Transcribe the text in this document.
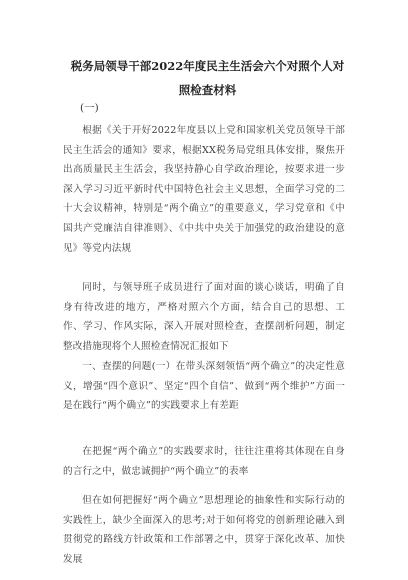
税务局领导干部2022年度民主生活会六个对照个人对照检查材料
(一)
根据《关于开好2022年度县以上党和国家机关党员领导干部民主生活会的通知》要求，根据XX税务局党组具体安排，聚焦开出高质量民主生活会，我坚持静心自学政治理论，按要求进一步深入学习习近平新时代中国特色社会主义思想，全面学习党的二十大会议精神，特别是“两个确立”的重要意义，学习党章和《中国共产党廉洁自律准则》、《中共中央关于加强党的政治建设的意见》等党内法规
同时，与领导班子成员进行了面对面的谈心谈话，明确了自身有待改进的地方，严格对照六个方面，结合自己的思想、工作、学习、作风实际，深入开展对照检查，查摆剖析问题，制定整改措施现将个人照检查情况汇报如下
一、查摆的问题(一）在带头深刻领悟“两个确立”的决定性意义，增强“四个意识”、坚定“四个自信”、做到“两个维护”方面一是在践行“两个确立”的实践要求上有差距
在把握“两个确立”的实践要求时，往往注重将其体现在自身的言行之中，做忠诚拥护“两个确立”的表率
但在如何把握好“两个确立”思想理论的抽象性和实际行动的实践性上，缺少全面深入的思考;对于如何将党的创新理论融入到贯彻党的路线方针政策和工作部署之中，贯穿于深化改革、加快发展
